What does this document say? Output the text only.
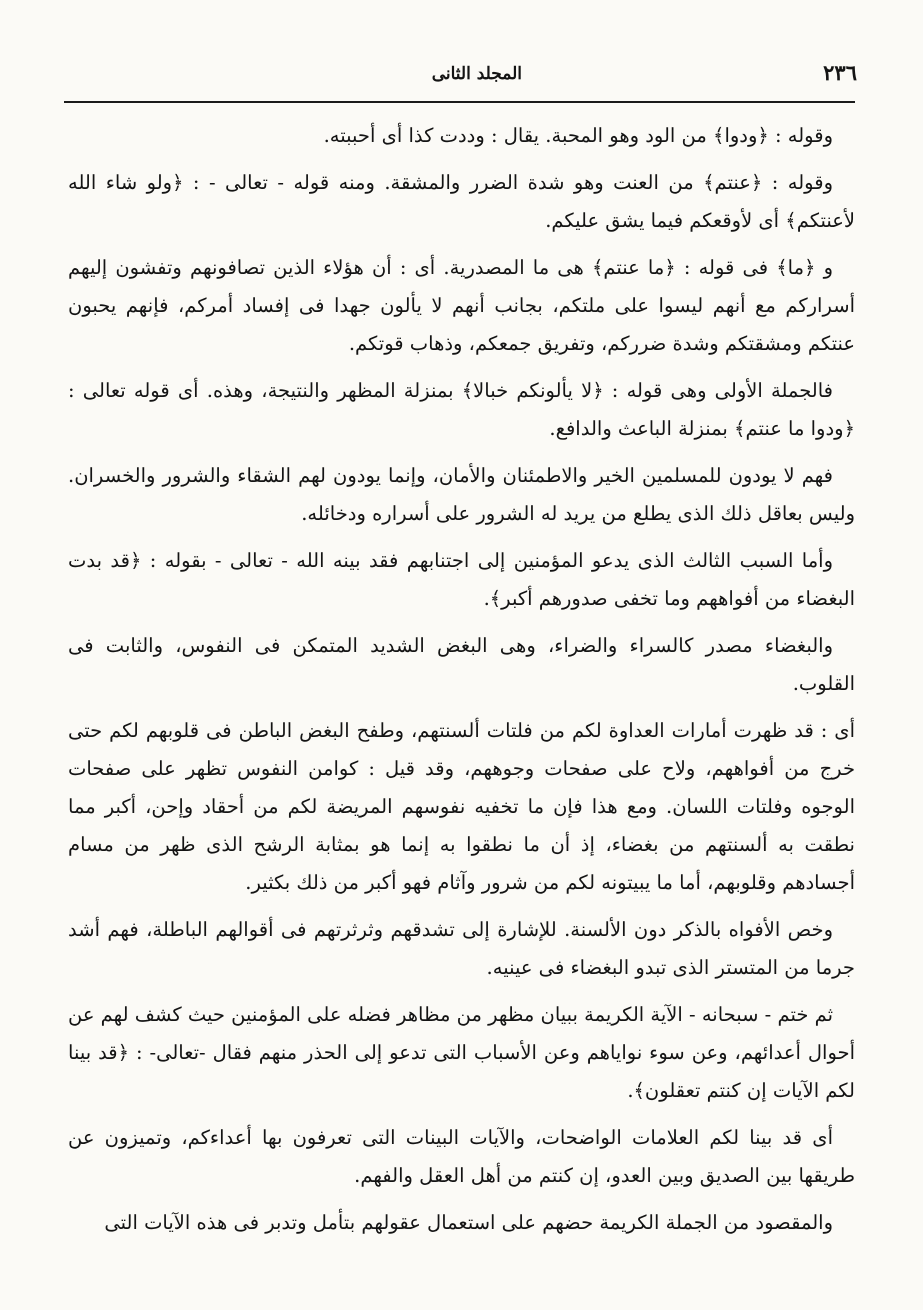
٢٣٦
المجلد الثانى

وقوله : ﴿ودوا﴾ من الود وهو المحبة. يقال : وددت كذا أى أحببته.

وقوله : ﴿عنتم﴾ من العنت وهو شدة الضرر والمشقة. ومنه قوله - تعالى - : ﴿ولو شاء الله لأعنتكم﴾ أى لأوقعكم فيما يشق عليكم.

و ﴿ما﴾ فى قوله : ﴿ما عنتم﴾ هى ما المصدرية. أى : أن هؤلاء الذين تصافونهم وتفشون إليهم أسراركم مع أنهم ليسوا على ملتكم، بجانب أنهم لا يألون جهدا فى إفساد أمركم، فإنهم يحبون عنتكم ومشقتكم وشدة ضرركم، وتفريق جمعكم، وذهاب قوتكم.

فالجملة الأولى وهى قوله : ﴿لا يألونكم خبالا﴾ بمنزلة المظهر والنتيجة، وهذه. أى قوله تعالى : ﴿ودوا ما عنتم﴾ بمنزلة الباعث والدافع.

فهم لا يودون للمسلمين الخير والاطمئنان والأمان، وإنما يودون لهم الشقاء والشرور والخسران. وليس بعاقل ذلك الذى يطلع من يريد له الشرور على أسراره ودخائله.

وأما السبب الثالث الذى يدعو المؤمنين إلى اجتنابهم فقد بينه الله - تعالى - بقوله : ﴿قد بدت البغضاء من أفواههم وما تخفى صدورهم أكبر﴾.

والبغضاء مصدر كالسراء والضراء، وهى البغض الشديد المتمكن فى النفوس، والثابت فى القلوب.

أى : قد ظهرت أمارات العداوة لكم من فلتات ألسنتهم، وطفح البغض الباطن فى قلوبهم لكم حتى خرج من أفواههم، ولاح على صفحات وجوههم، وقد قيل : كوامن النفوس تظهر على صفحات الوجوه وفلتات اللسان. ومع هذا فإن ما تخفيه نفوسهم المريضة لكم من أحقاد وإحن، أكبر مما نطقت به ألسنتهم من بغضاء، إذ أن ما نطقوا به إنما هو بمثابة الرشح الذى ظهر من مسام أجسادهم وقلوبهم، أما ما يبيتونه لكم من شرور وآثام فهو أكبر من ذلك بكثير.

وخص الأفواه بالذكر دون الألسنة. للإشارة إلى تشدقهم وثرثرتهم فى أقوالهم الباطلة، فهم أشد جرما من المتستر الذى تبدو البغضاء فى عينيه.

ثم ختم - سبحانه - الآية الكريمة ببيان مظهر من مظاهر فضله على المؤمنين حيث كشف لهم عن أحوال أعدائهم، وعن سوء نواياهم وعن الأسباب التى تدعو إلى الحذر منهم فقال -تعالى- : ﴿قد بينا لكم الآيات إن كنتم تعقلون﴾.

أى قد بينا لكم العلامات الواضحات، والآيات البينات التى تعرفون بها أعداءكم، وتميزون عن طريقها بين الصديق وبين العدو، إن كنتم من أهل العقل والفهم.

والمقصود من الجملة الكريمة حضهم على استعمال عقولهم بتأمل وتدبر فى هذه الآيات التى
